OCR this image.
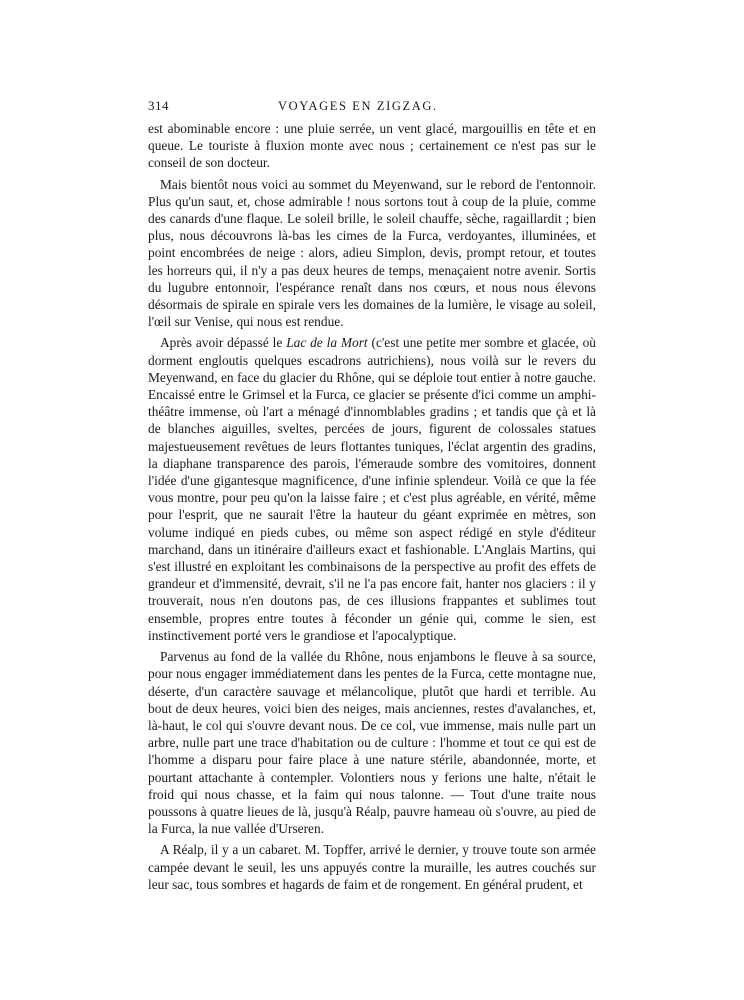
314	VOYAGES EN ZIGZAG.

est abominable encore : une pluie serrée, un vent glacé, margouillis en tête et en queue. Le touriste à fluxion monte avec nous ; certainement ce n'est pas sur le conseil de son docteur.

Mais bientôt nous voici au sommet du Meyenwand, sur le rebord de l'entonnoir. Plus qu'un saut, et, chose admirable ! nous sortons tout à coup de la pluie, comme des canards d'une flaque. Le soleil brille, le soleil chauffe, sèche, ragaillardit ; bien plus, nous découvrons là-bas les cimes de la Furca, verdoyantes, illuminées, et point encombrées de neige : alors, adieu Simplon, devis, prompt retour, et toutes les horreurs qui, il n'y a pas deux heures de temps, menaçaient notre avenir. Sortis du lugubre entonnoir, l'espérance renaît dans nos cœurs, et nous nous élevons désormais de spirale en spirale vers les domaines de la lumière, le visage au soleil, l'œil sur Venise, qui nous est rendue.

Après avoir dépassé le Lac de la Mort (c'est une petite mer sombre et glacée, où dorment engloutis quelques escadrons autrichiens), nous voilà sur le revers du Meyenwand, en face du glacier du Rhône, qui se déploie tout entier à notre gauche. Encaissé entre le Grimsel et la Furca, ce glacier se présente d'ici comme un amphithéâtre immense, où l'art a ménagé d'innomblables gradins ; et tandis que çà et là de blanches aiguilles, sveltes, percées de jours, figurent de colossales statues majestueusement revêtues de leurs flottantes tuniques, l'éclat argentin des gradins, la diaphane transparence des parois, l'émeraude sombre des vomitoires, donnent l'idée d'une gigantesque magnificence, d'une infinie splendeur. Voilà ce que la fée vous montre, pour peu qu'on la laisse faire ; et c'est plus agréable, en vérité, même pour l'esprit, que ne saurait l'être la hauteur du géant exprimée en mètres, son volume indiqué en pieds cubes, ou même son aspect rédigé en style d'éditeur marchand, dans un itinéraire d'ailleurs exact et fashionable. L'Anglais Martins, qui s'est illustré en exploitant les combinaisons de la perspective au profit des effets de grandeur et d'immensité, devrait, s'il ne l'a pas encore fait, hanter nos glaciers : il y trouverait, nous n'en doutons pas, de ces illusions frappantes et sublimes tout ensemble, propres entre toutes à féconder un génie qui, comme le sien, est instinctivement porté vers le grandiose et l'apocalyptique.

Parvenus au fond de la vallée du Rhône, nous enjambons le fleuve à sa source, pour nous engager immédiatement dans les pentes de la Furca, cette montagne nue, déserte, d'un caractère sauvage et mélancolique, plutôt que hardi et terrible. Au bout de deux heures, voici bien des neiges, mais anciennes, restes d'avalanches, et, là-haut, le col qui s'ouvre devant nous. De ce col, vue immense, mais nulle part un arbre, nulle part une trace d'habitation ou de culture : l'homme et tout ce qui est de l'homme a disparu pour faire place à une nature stérile, abandonnée, morte, et pourtant attachante à contempler. Volontiers nous y ferions une halte, n'était le froid qui nous chasse, et la faim qui nous talonne. — Tout d'une traite nous poussons à quatre lieues de là, jusqu'à Réalp, pauvre hameau où s'ouvre, au pied de la Furca, la nue vallée d'Urseren.

A Réalp, il y a un cabaret. M. Topffer, arrivé le dernier, y trouve toute son armée campée devant le seuil, les uns appuyés contre la muraille, les autres couchés sur leur sac, tous sombres et hagards de faim et de rongement. En général prudent, et
